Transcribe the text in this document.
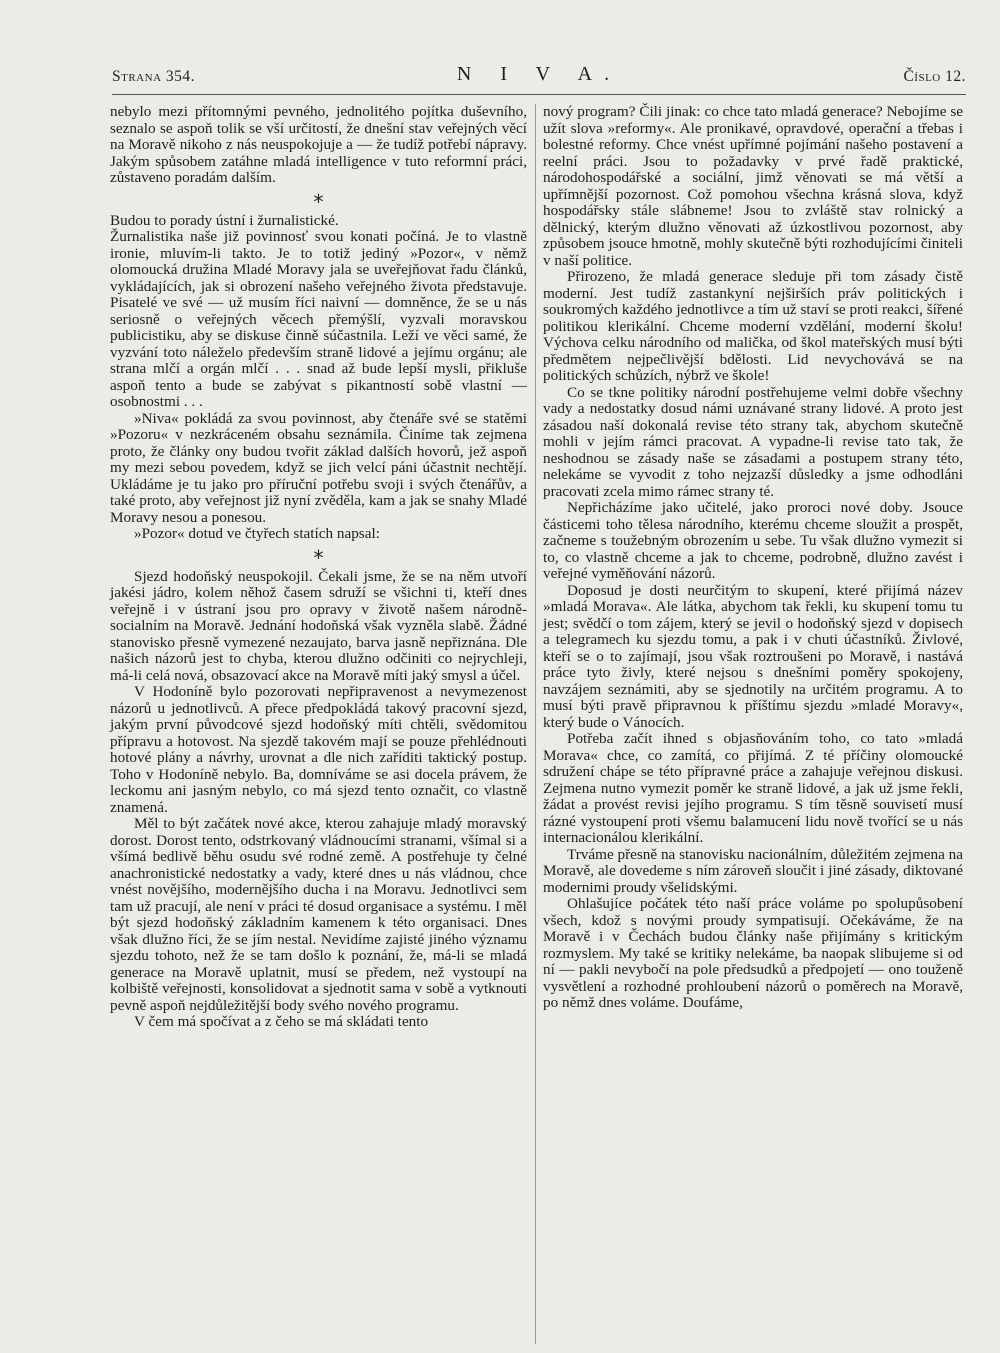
Strana 354.	N I V A.	Číslo 12.

nebylo mezi přítomnými pevného, jednolitého pojítka duševního, seznalo se aspoň tolik se vší určitostí, že dnešní stav veřejných věcí na Moravě nikoho z nás neuspokojuje a — že tudíž potřebí nápravy. Jakým spůsobem zatáhne mladá intelligence v tuto reformní práci, zůstaveno poradám dalším.

*

Budou to porady ústní i žurnalistické.

Žurnalistika naše již povinnosť svou konati počíná. Je to vlastně ironie, mluvím-li takto. Je to totiž jediný »Pozor«, v němž olomoucká družina Mladé Moravy jala se uveřejňovat řadu článků, vykládajících, jak si obrození našeho veřejného života představuje. Pisatelé ve své — už musím říci naivní — domněnce, že se u nás seriosně o veřejných věcech přemýšlí, vyzvali moravskou publicistiku, aby se diskuse činně súčastnila. Leží ve věci samé, že vyzvání toto náleželo především straně lidové a jejímu orgánu; ale strana mlčí a orgán mlčí . . . snad až bude lepší mysli, přikluše aspoň tento a bude se zabývat s pikantností sobě vlastní — osobnostmi . . .

»Niva« pokládá za svou povinnost, aby čtenáře své se statěmi »Pozoru« v nezkráceném obsahu seznámila. Činíme tak zejmena proto, že články ony budou tvořit základ dalších hovorů, jež aspoň my mezi sebou povedem, když se jich velcí páni účastnit nechtějí. Ukládáme je tu jako pro příruční potřebu svoji i svých čtenářův, a také proto, aby veřejnost již nyní zvěděla, kam a jak se snahy Mladé Moravy nesou a ponesou.

»Pozor« dotud ve čtyřech statích napsal:

*

Sjezd hodoňský neuspokojil. Čekali jsme, že se na něm utvoří jakési jádro, kolem něhož časem sdruží se všichni ti, kteří dnes veřejně i v ústraní jsou pro opravy v životě našem národně-socialním na Moravě. Jednání hodoňská však vyzněla slabě. Žádné stanovisko přesně vymezené nezaujato, barva jasně nepřiznána. Dle našich názorů jest to chyba, kterou dlužno odčiniti co nejrychleji, má-li celá nová, obsazovací akce na Moravě míti jaký smysl a účel.

V Hodoníně bylo pozorovati nepřipravenost a nevymezenost názorů u jednotlivců. A přece předpokládá takový pracovní sjezd, jakým první původcové sjezd hodoňský míti chtěli, svědomitou přípravu a hotovost. Na sjezdě takovém mají se pouze přehlédnouti hotové plány a návrhy, urovnat a dle nich zaříditi taktický postup. Toho v Hodoníně nebylo. Ba, domníváme se asi docela právem, že leckomu ani jasným nebylo, co má sjezd tento označit, co vlastně znamená.

Měl to být začátek nové akce, kterou zahajuje mladý moravský dorost. Dorost tento, odstrkovaný vládnoucími stranami, všímal si a všímá bedlivě běhu osudu své rodné země. A postřehuje ty čelné anachronistické nedostatky a vady, které dnes u nás vládnou, chce vnést novějšího, modernějšího ducha i na Moravu. Jednotlivci sem tam už pracují, ale není v práci té dosud organisace a systému. I měl být sjezd hodoňský základním kamenem k této organisaci. Dnes však dlužno říci, že se jím nestal. Nevidíme zajisté jiného významu sjezdu tohoto, než že se tam došlo k poznání, že, má-li se mladá generace na Moravě uplatnit, musí se předem, než vystoupí na kolbiště veřejnosti, konsolidovat a sjednotit sama v sobě a vytknouti pevně aspoň nejdůležitější body svého nového programu.

V čem má spočívat a z čeho se má skládati tento

nový program? Čili jinak: co chce tato mladá generace? Nebojíme se užít slova »reformy«. Ale pronikavé, opravdové, operační a třebas i bolestné reformy. Chce vnést upřímné pojímání našeho postavení a reelní práci. Jsou to požadavky v prvé řadě praktické, národohospodářské a sociální, jimž věnovati se má větší a upřímnější pozornost. Což pomohou všechna krásná slova, když hospodářsky stále slábneme! Jsou to zvláště stav rolnický a dělnický, kterým dlužno věnovati až úzkostlivou pozornost, aby způsobem jsouce hmotně, mohly skutečně býti rozhodujícími činiteli v naší politice.

Přirozeno, že mladá generace sleduje při tom zásady čistě moderní. Jest tudíž zastankyní nejširších práv politických i soukromých každého jednotlivce a tím už staví se proti reakci, šířené politikou klerikální. Chceme moderní vzdělání, moderní školu! Výchova celku národního od malička, od škol mateřských musí býti předmětem nejpečlivější bdělosti. Lid nevychovává se na politických schůzích, nýbrž ve škole!

Co se tkne politiky národní postřehujeme velmi dobře všechny vady a nedostatky dosud námi uznávané strany lidové. A proto jest zásadou naší dokonalá revise této strany tak, abychom skutečně mohli v jejím rámci pracovat. A vypadne-li revise tato tak, že neshodnou se zásady naše se zásadami a postupem strany této, nelekáme se vyvodit z toho nejzazší důsledky a jsme odhodláni pracovati zcela mimo rámec strany té.

Nepřicházíme jako učitelé, jako proroci nové doby. Jsouce částicemi toho tělesa národního, kterému chceme sloužit a prospět, začneme s toužebným obrozením u sebe. Tu však dlužno vymezit si to, co vlastně chceme a jak to chceme, podrobně, dlužno zavést i veřejné vyměňování názorů.

Doposud je dosti neurčitým to skupení, které přijímá název »mladá Morava«. Ale látka, abychom tak řekli, ku skupení tomu tu jest; svědčí o tom zájem, který se jevil o hodoňský sjezd v dopisech a telegramech ku sjezdu tomu, a pak i v chuti účastníků. Živlové, kteří se o to zajímají, jsou však roztroušeni po Moravě, i nastává práce tyto živly, které nejsou s dnešními poměry spokojeny, navzájem seznámiti, aby se sjednotily na určitém programu. A to musí býti pravě připravnou k příštímu sjezdu »mladé Moravy«, který bude o Vánocích.

Potřeba začít ihned s objasňováním toho, co tato »mladá Morava« chce, co zamítá, co přijímá. Z té příčiny olomoucké sdružení chápe se této přípravné práce a zahajuje veřejnou diskusi. Zejmena nutno vymezit poměr ke straně lidové, a jak už jsme řekli, žádat a provést revisi jejího programu. S tím těsně souvisetí musí rázné vystoupení proti všemu balamucení lidu nově tvořící se u nás internacionálou klerikální.

Trváme přesně na stanovisku nacionálním, důležitém zejmena na Moravě, ale dovedeme s ním zároveň sloučit i jiné zásady, diktované modernimi proudy všelidskými.

Ohlašujíce počátek této naší práce voláme po spolupůsobení všech, kdož s novými proudy sympatisují. Očekáváme, že na Moravě i v Čechách budou články naše přijímány s kritickým rozmyslem. My také se kritiky nelekáme, ba naopak slibujeme si od ní — pakli nevybočí na pole předsudků a předpojetí — ono touženě vysvětlení a rozhodné prohloubení názorů o poměrech na Moravě, po němž dnes voláme. Doufáme,
